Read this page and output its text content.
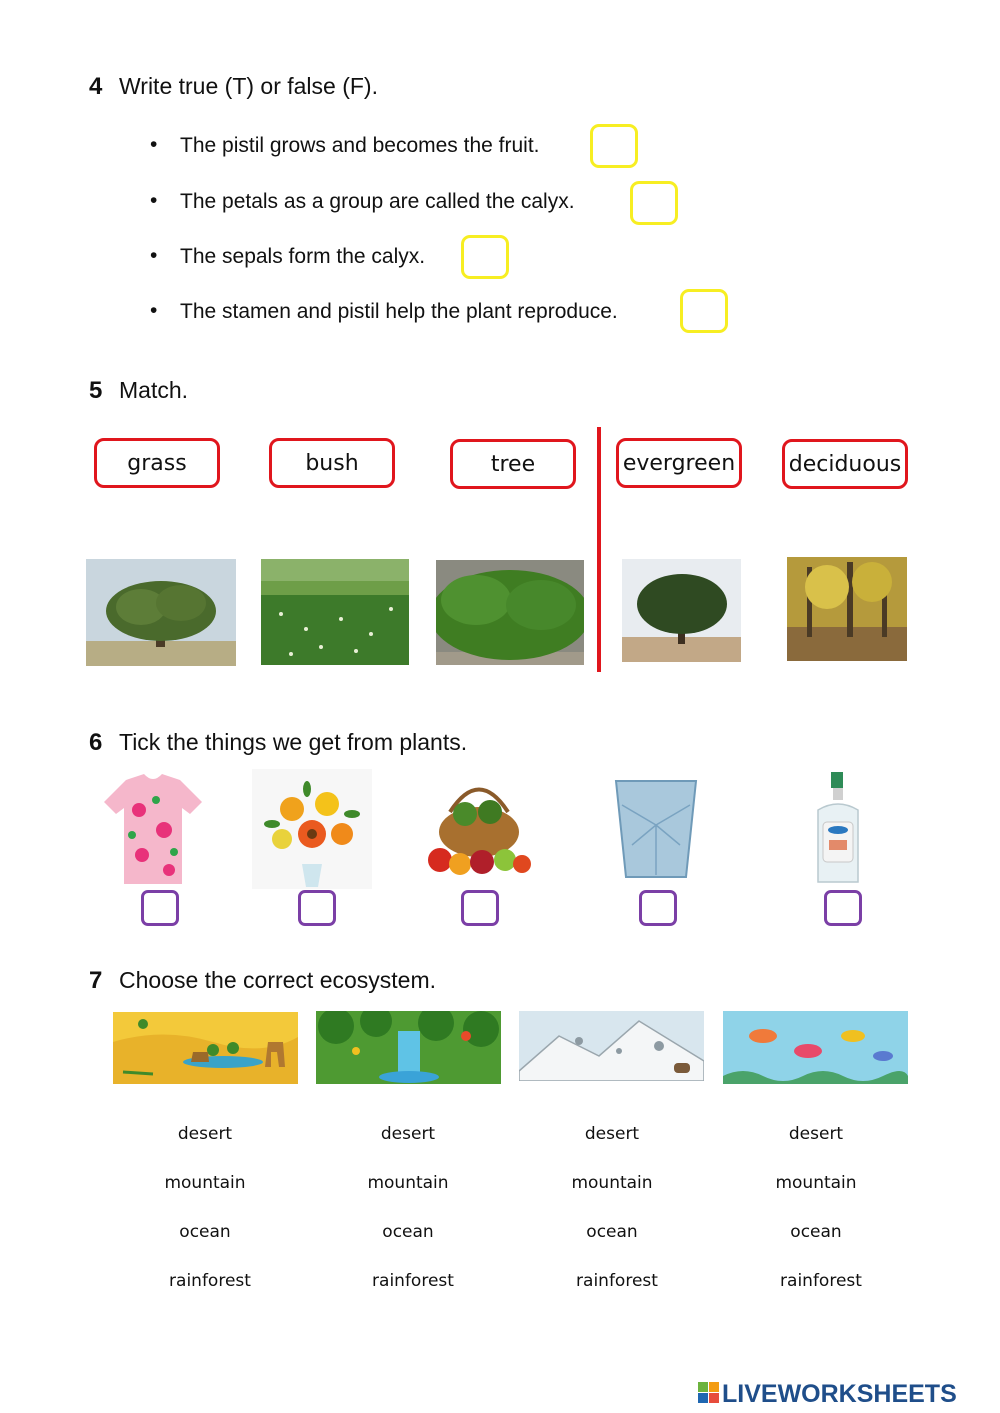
4 Write true (T) or false (F).
• The pistil grows and becomes the fruit.
• The petals as a group are called the calyx.
• The sepals form the calyx.
• The stamen and pistil help the plant reproduce.
5 Match.
grass	bush	tree	evergreen	deciduous
6 Tick the things we get from plants.
7 Choose the correct ecosystem.
desert
mountain
ocean
rainforest
desert
mountain
ocean
rainforest
desert
mountain
ocean
rainforest
desert
mountain
ocean
rainforest
LIVEWORKSHEETS
